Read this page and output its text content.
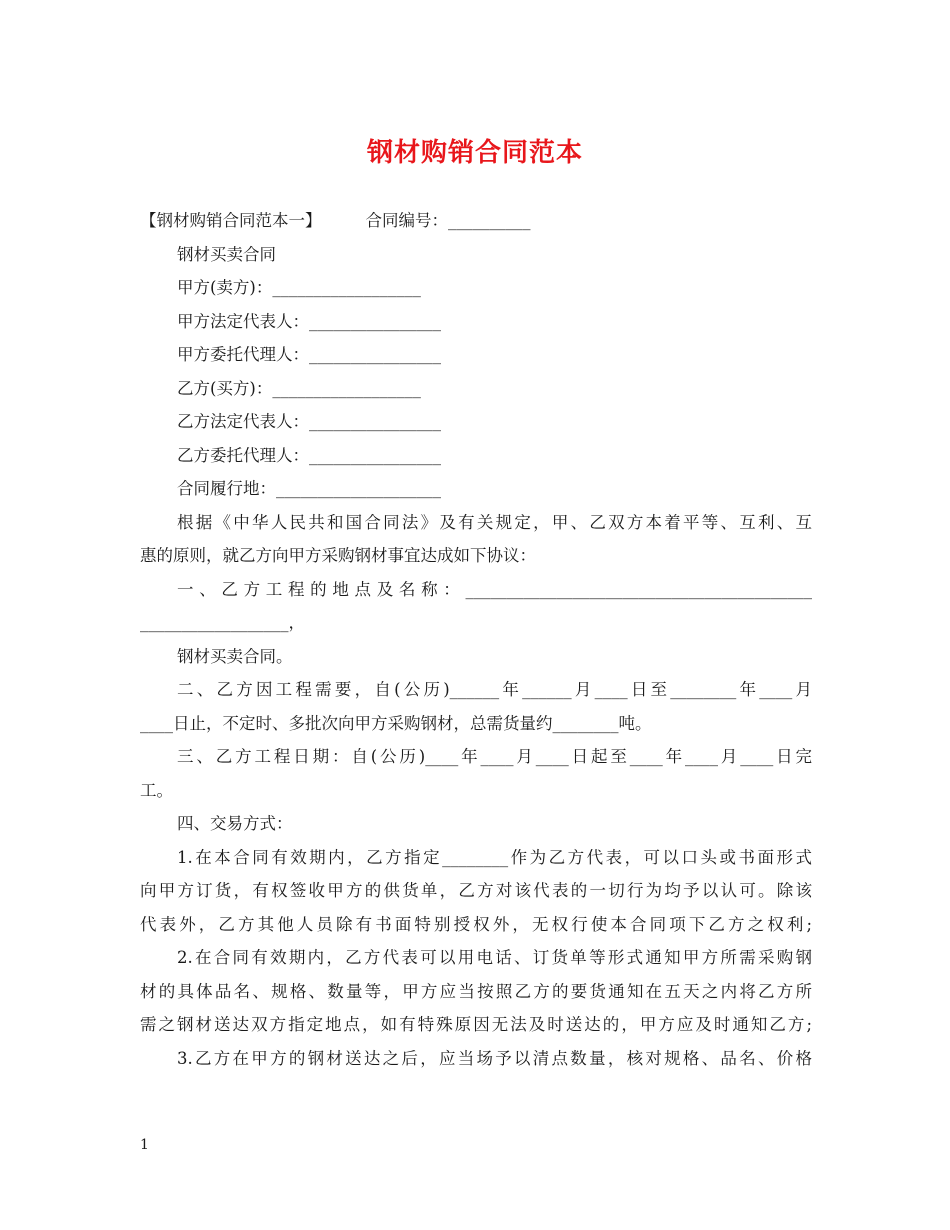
钢材购销合同范本
【钢材购销合同范本一】	合同编号：__________
钢材买卖合同
甲方(卖方)：__________________
甲方法定代表人：________________
甲方委托代理人：________________
乙方(买方)：__________________
乙方法定代表人：________________
乙方委托代理人：________________
合同履行地：____________________
根据《中华人民共和国合同法》及有关规定，甲、乙双方本着平等、互利、互
惠的原则，就乙方向甲方采购钢材事宜达成如下协议：
一、乙方工程的地点及名称：__________________________________________
__________________，
钢材买卖合同。
二、乙方因工程需要，自(公历)______年______月____日至________年____月
____日止，不定时、多批次向甲方采购钢材，总需货量约________吨。
三、乙方工程日期：自(公历)____年____月____日起至____年____月____日完
工。
四、交易方式：
1.在本合同有效期内，乙方指定________作为乙方代表，可以口头或书面形式
向甲方订货，有权签收甲方的供货单，乙方对该代表的一切行为均予以认可。除该
代表外，乙方其他人员除有书面特别授权外，无权行使本合同项下乙方之权利;
2.在合同有效期内，乙方代表可以用电话、订货单等形式通知甲方所需采购钢
材的具体品名、规格、数量等，甲方应当按照乙方的要货通知在五天之内将乙方所
需之钢材送达双方指定地点，如有特殊原因无法及时送达的，甲方应及时通知乙方;
3.乙方在甲方的钢材送达之后，应当场予以清点数量，核对规格、品名、价格
1
